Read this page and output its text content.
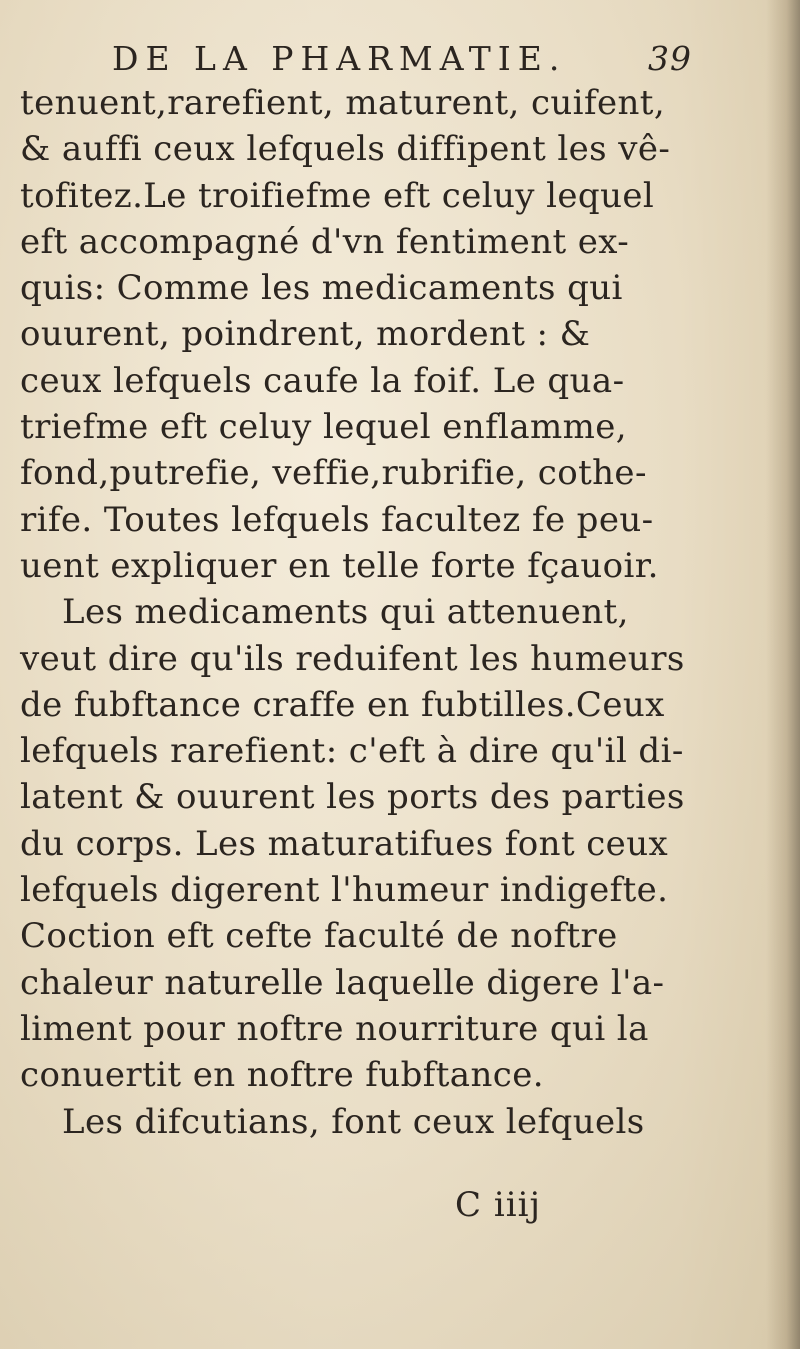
DE LA PHARMATIE. 39
tenuent,rarefient, maturent, cuifent,
& auffi ceux lefquels diffipent les vê-
tofitez.Le troifiefme eft celuy lequel
eft accompagné d'vn fentiment ex-
quis: Comme les medicaments qui
ouurent, poindrent, mordent : &
ceux lefquels caufe la foif. Le qua-
triefme eft celuy lequel enflamme,
fond,putrefie, veffie,rubrifie, cothe-
rife. Toutes lefquels facultez fe peu-
uent expliquer en telle forte fçauoir.
Les medicaments qui attenuent,
veut dire qu'ils reduifent les humeurs
de fubftance craffe en fubtilles.Ceux
lefquels rarefient: c'eft à dire qu'il di-
latent & ouurent les ports des parties
du corps. Les maturatifues font ceux
lefquels digerent l'humeur indigefte.
Coction eft cefte faculté de noftre
chaleur naturelle laquelle digere l'a-
liment pour noftre nourriture qui la
conuertit en noftre fubftance.
Les difcutians, font ceux lefquels
C iiij
